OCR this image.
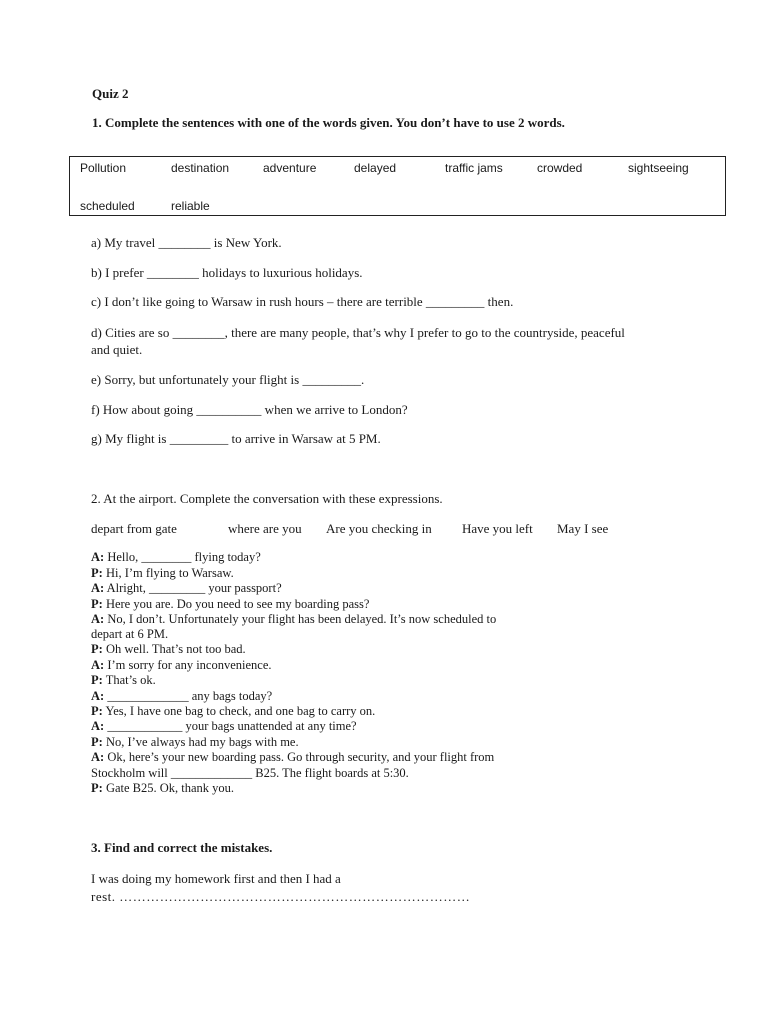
Quiz 2
1. Complete the sentences with one of the words given. You don’t have to use 2 words.
Pollution	destination	adventure	delayed	traffic jams	crowded	sightseeing
scheduled	reliable
a) My travel ________ is New York.
b) I prefer ________ holidays to luxurious holidays.
c) I don’t like going to Warsaw in rush hours – there are terrible _________ then.
d) Cities are so ________, there are many people, that’s why I prefer to go to the countryside, peaceful
and quiet.
e) Sorry, but unfortunately your flight is _________.
f) How about going __________ when we arrive to London?
g) My flight is _________ to arrive in Warsaw at 5 PM.
2. At the airport. Complete the conversation with these expressions.
depart from gate	where are you Are you checking in Have you left May I see
A: Hello, ________ flying today?
P: Hi, I’m flying to Warsaw.
A: Alright, _________ your passport?
P: Here you are. Do you need to see my boarding pass?
A: No, I don’t. Unfortunately your flight has been delayed. It’s now scheduled to
depart at 6 PM.
P: Oh well. That’s not too bad.
A: I’m sorry for any inconvenience.
P: That’s ok.
A: _____________ any bags today?
P: Yes, I have one bag to check, and one bag to carry on.
A: ____________ your bags unattended at any time?
P: No, I’ve always had my bags with me.
A: Ok, here’s your new boarding pass. Go through security, and your flight from
Stockholm will _____________ B25. The flight boards at 5:30.
P: Gate B25. Ok, thank you.
3. Find and correct the mistakes.
I was doing my homework first and then I had a
rest. ……………………………………………………………………
